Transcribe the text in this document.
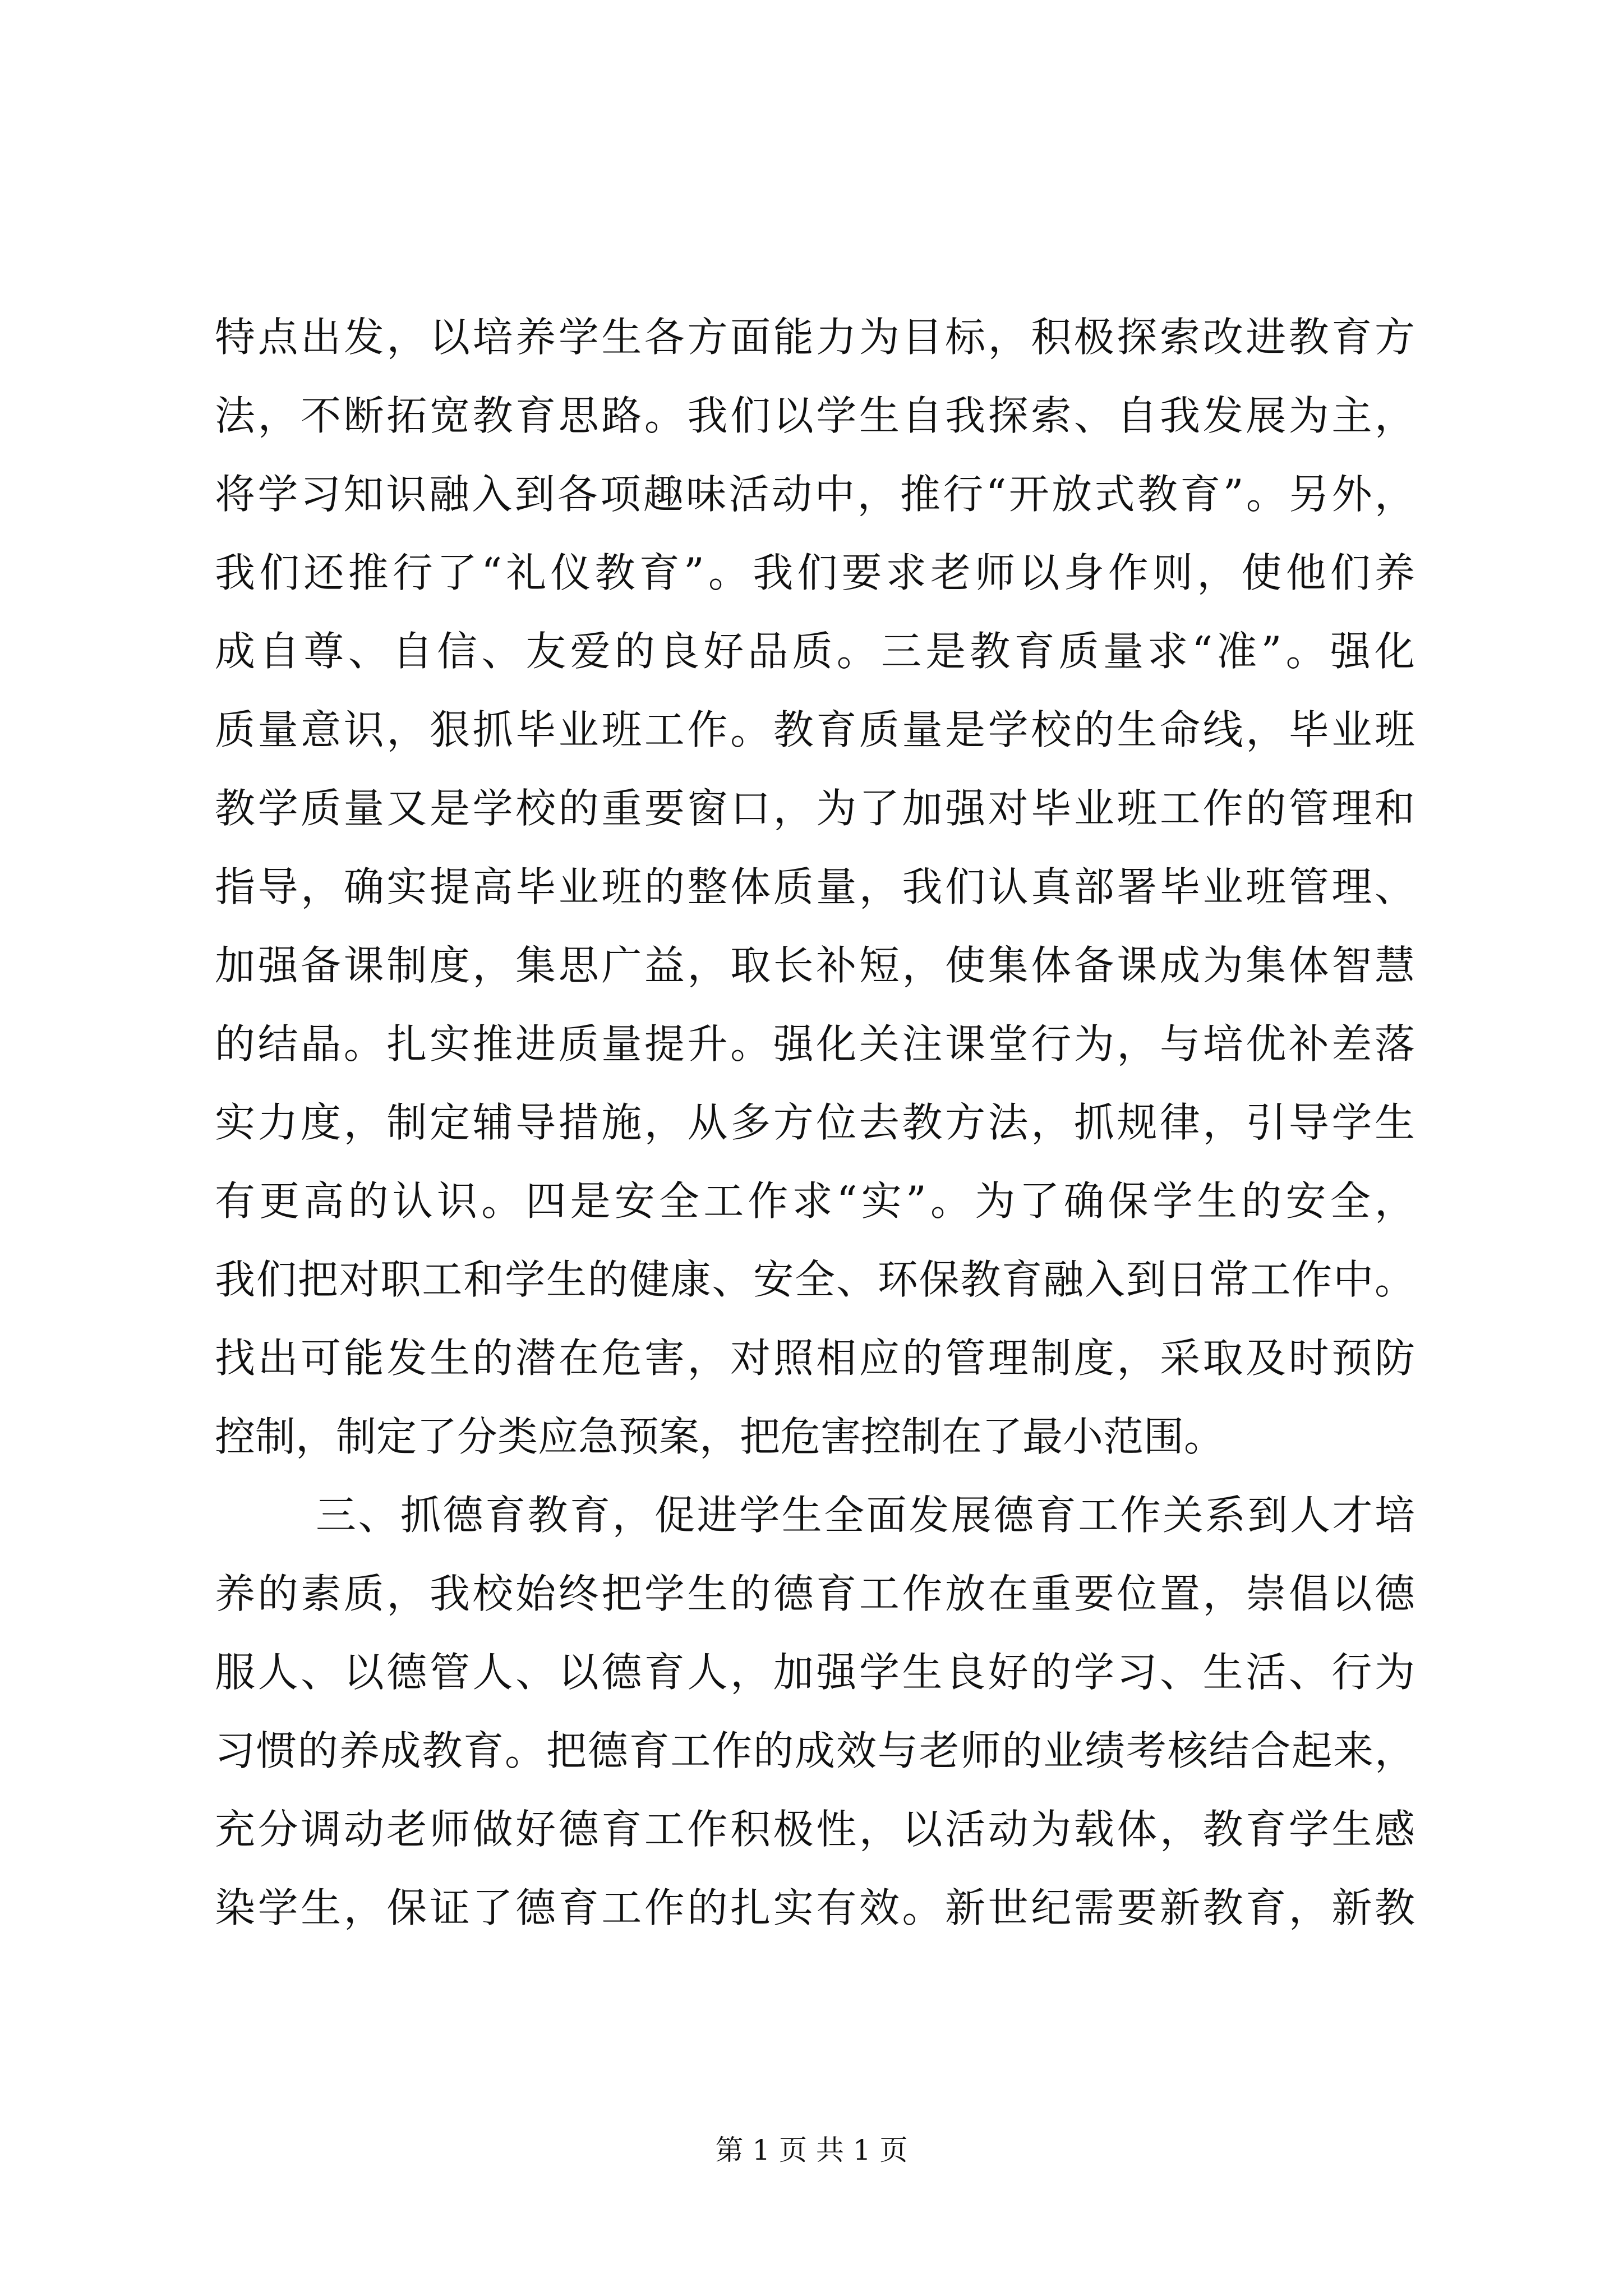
特点出发，以培养学生各方面能力为目标，积极探索改进教育方
法，不断拓宽教育思路。我们以学生自我探索、自我发展为主，
将学习知识融入到各项趣味活动中，推行“开放式教育”。另外，
我们还推行了“礼仪教育”。我们要求老师以身作则，使他们养
成自尊、自信、友爱的良好品质。三是教育质量求“准”。强化
质量意识，狠抓毕业班工作。教育质量是学校的生命线，毕业班
教学质量又是学校的重要窗口，为了加强对毕业班工作的管理和
指导，确实提高毕业班的整体质量，我们认真部署毕业班管理、
加强备课制度，集思广益，取长补短，使集体备课成为集体智慧
的结晶。扎实推进质量提升。强化关注课堂行为，与培优补差落
实力度，制定辅导措施，从多方位去教方法，抓规律，引导学生
有更高的认识。四是安全工作求“实”。为了确保学生的安全，
我们把对职工和学生的健康、安全、环保教育融入到日常工作中。
找出可能发生的潜在危害，对照相应的管理制度，采取及时预防
控制，制定了分类应急预案，把危害控制在了最小范围。
三、抓德育教育，促进学生全面发展德育工作关系到人才培
养的素质，我校始终把学生的德育工作放在重要位置，崇倡以德
服人、以德管人、以德育人，加强学生良好的学习、生活、行为
习惯的养成教育。把德育工作的成效与老师的业绩考核结合起来，
充分调动老师做好德育工作积极性，以活动为载体，教育学生感
染学生，保证了德育工作的扎实有效。新世纪需要新教育，新教
第 1 页 共 1 页
